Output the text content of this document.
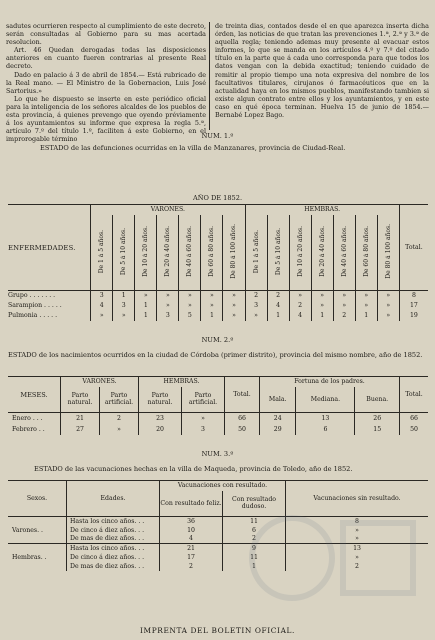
sadutes ocurrieren respecto al cumplimiento de este decreto, serán consultadas al Gobierno para su mas acertada resolucion.

Art. 46 Quedan derogadas todas las disposiciones anteriores en cuanto fueren contrarias al presente Real decreto.

Dado en palacio á 3 de abril de 1854.— Está rubricado de la Real mano. — El Ministro de la Gobernacion, Luis José Sartorius.»

Lo que he dispuesto se inserte en este periódico oficial para la inteligencia de los señores alcaldes de los pueblos de esta provincia, á quienes prevengo que oyendo préviamente á los ayuntamientos su informe que expresa la regla 5.ª, artículo 7.º del título 1.º, faciliten á este Gobierno, en el improrogable término

de treinta dias, contados desde el en que aparezca inserta dicha órden, las noticias de que tratan las prevenciones 1.ª, 2.ª y 3.ª de aquella regla; teniendo ademas muy presente al evacuar estos informes, lo que se manda en los artículos 4.º y 7.º del citado título en la parte que á cada uno corresponda para que todos los datos vengan con la debida exactitud; teniendo cuidado de remitir al propio tiempo una nota expresiva del nombre de los facultativos titulares, cirujanos ó farmacéuticos que en la actualidad haya en los mismos pueblos, manifestando tambien si existe algun contrato entre ellos y los ayuntamientos, y en este caso en qué época terminan. Huelva 15 de junio de 1854.—Bernabé Lopez Bago.

NUM. 1.º
ESTADO de las defunciones ocurridas en la villa de Manzanares, provincia de Ciudad-Real.
AÑO DE 1852.
ENFERMEDADES.	VARONES.							HEMBRAS.							Total.
	De 1 á 5 años.	De 5 á 10 años.	De 10 á 20 años.	De 20 á 40 años.	De 40 á 60 años.	De 60 á 80 años.	De 80 á 100 años.	De 1 á 5 años.	De 5 á 10 años.	De 10 á 20 años.	De 20 á 40 años.	De 40 á 60 años.	De 60 á 80 años.	De 80 á 100 años.	
Grupo . . . . . . .	3	1	»	»	»	»	»	2	2	»	»	»	»	»	8
Sarampion . . . . .	4	3	1	»	»	»	»	3	4	2	»	»	»	»	17
Pulmonia . . . . .	»	»	1	3	5	1	»	»	1	4	1	2	1	»	19
NUM. 2.º
ESTADO de los nacimientos ocurridos en la ciudad de Córdoba (primer distrito), provincia del mismo nombre, año de 1852.
MESES.	VARONES.		HEMBRAS.		Total.	Fortuna de los padres.			Total.
	Parto natural.	Parto artificial.	Parto natural.	Parto artificial.		Mala.	Mediana.	Buena.	
Enero . . .	21	2	23	»	66	24	13	26	66
Febrero . .	27	»	20	3	50	29	6	15	50
NUM. 3.º
ESTADO de las vacunaciones hechas en la villa de Maqueda, provincia de Toledo, año de 1852.
Sexos.	Edades.	Vacunaciones con resultado.		Vacunaciones sin resultado.
		Con resultado feliz.	Con resultado dudoso.	
Varones. .	Hasta los cinco años. . .	36	11	8
	De cinco á diez años. . .	10	6	»
	De mas de diez años. . .	4	2	»
Hembras. .	Hasta los cinco años. . .	21	9	13
	De cinco á diez años. . .	17	11	»
	De mas de diez años. . .	2	1	2
IMPRENTA DEL BOLETIN OFICIAL.
